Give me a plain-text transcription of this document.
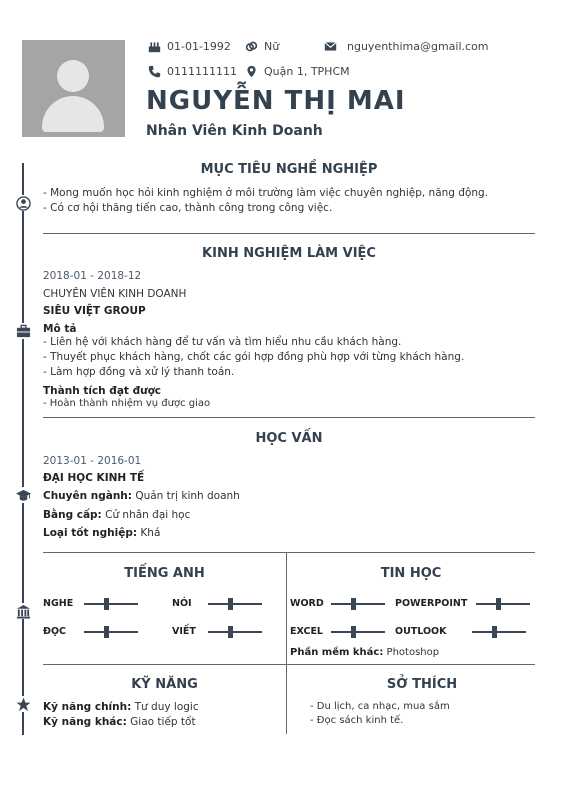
01-01-1992	Nữ	nguyenthima@gmail.com
0111111111 Quận 1, TPHCM
NGUYỄN THỊ MAI
Nhân Viên Kinh Doanh
MỤC TIÊU NGHỀ NGHIỆP
- Mong muốn học hỏi kinh nghiệm ở môi trường làm việc chuyên nghiệp, năng động.
- Có cơ hội thăng tiến cao, thành công trong công việc.
KINH NGHIỆM LÀM VIỆC
2018-01 - 2018-12
CHUYÊN VIÊN KINH DOANH
SIÊU VIỆT GROUP
Mô tả
- Liên hệ với khách hàng để tư vấn và tìm hiểu nhu cầu khách hàng.
- Thuyết phục khách hàng, chốt các gói hợp đồng phù hợp với từng khách hàng.
- Làm hợp đồng và xử lý thanh toán.
Thành tích đạt được
- Hoàn thành nhiệm vụ được giao
HỌC VẤN
2013-01 - 2016-01
ĐẠI HỌC KINH TẾ
Chuyên ngành: Quản trị kinh doanh
Bằng cấp: Cử nhân đại học
Loại tốt nghiệp: Khá
TIẾNG ANH
NGHE	NÓI
ĐỌC	VIẾT
TIN HỌC
WORD	POWERPOINT
EXCEL	OUTLOOK
Phần mềm khác: Photoshop
KỸ NĂNG
Kỹ năng chính: Tư duy logic
Kỹ năng khác: Giao tiếp tốt
SỞ THÍCH
- Du lịch, ca nhạc, mua sắm
- Đọc sách kinh tế.
